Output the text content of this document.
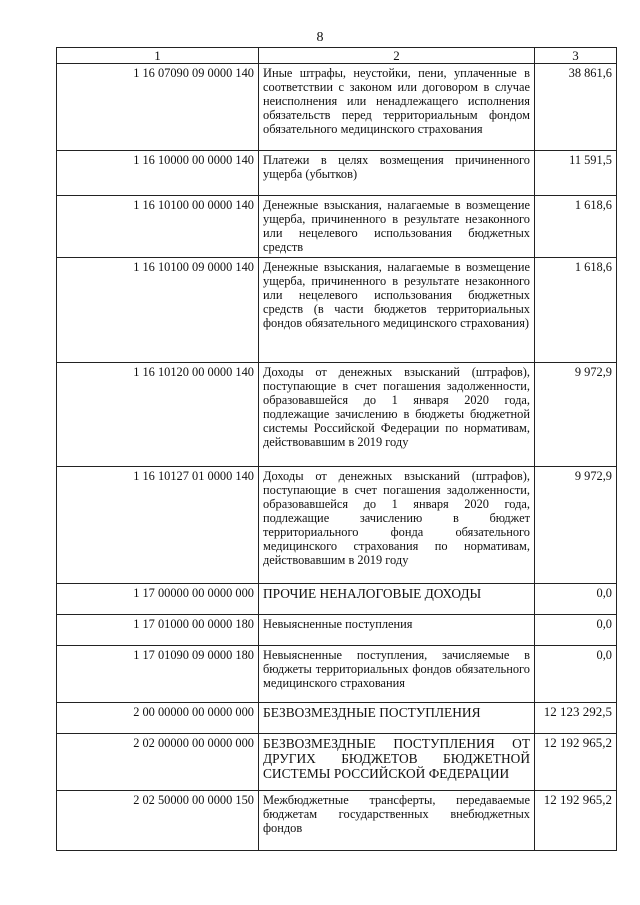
8
1	2	3
1 16 07090 09 0000 140	Иные штрафы, неустойки, пени, уплаченные в соответствии с законом или договором в случае неисполнения или ненадлежащего исполнения обязательств перед территориальным фондом обязательного медицинского страхования	38 861,6
1 16 10000 00 0000 140	Платежи в целях возмещения причиненного ущерба (убытков)	11 591,5
1 16 10100 00 0000 140	Денежные взыскания, налагаемые в возмещение ущерба, причиненного в результате незаконного или нецелевого использования бюджетных средств	1 618,6
1 16 10100 09 0000 140	Денежные взыскания, налагаемые в возмещение ущерба, причиненного в результате незаконного или нецелевого использования бюджетных средств (в части бюджетов территориальных фондов обязательного медицинского страхования)	1 618,6
1 16 10120 00 0000 140	Доходы от денежных взысканий (штрафов), поступающие в счет погашения задолженности, образовавшейся до 1 января 2020 года, подлежащие зачислению в бюджеты бюджетной системы Российской Федерации по нормативам, действовавшим в 2019 году	9 972,9
1 16 10127 01 0000 140	Доходы от денежных взысканий (штрафов), поступающие в счет погашения задолженности, образовавшейся до 1 января 2020 года, подлежащие зачислению в бюджет территориального фонда обязательного медицинского страхования по нормативам, действовавшим в 2019 году	9 972,9
1 17 00000 00 0000 000	ПРОЧИЕ НЕНАЛОГОВЫЕ ДОХОДЫ	0,0
1 17 01000 00 0000 180	Невыясненные поступления	0,0
1 17 01090 09 0000 180	Невыясненные поступления, зачисляемые в бюджеты территориальных фондов обязательного медицинского страхования	0,0
2 00 00000 00 0000 000	БЕЗВОЗМЕЗДНЫЕ ПОСТУПЛЕНИЯ	12 123 292,5
2 02 00000 00 0000 000	БЕЗВОЗМЕЗДНЫЕ ПОСТУПЛЕНИЯ ОТ ДРУГИХ БЮДЖЕТОВ БЮДЖЕТНОЙ СИСТЕМЫ РОССИЙСКОЙ ФЕДЕРАЦИИ	12 192 965,2
2 02 50000 00 0000 150	Межбюджетные трансферты, передаваемые бюджетам государственных внебюджетных фондов	12 192 965,2
